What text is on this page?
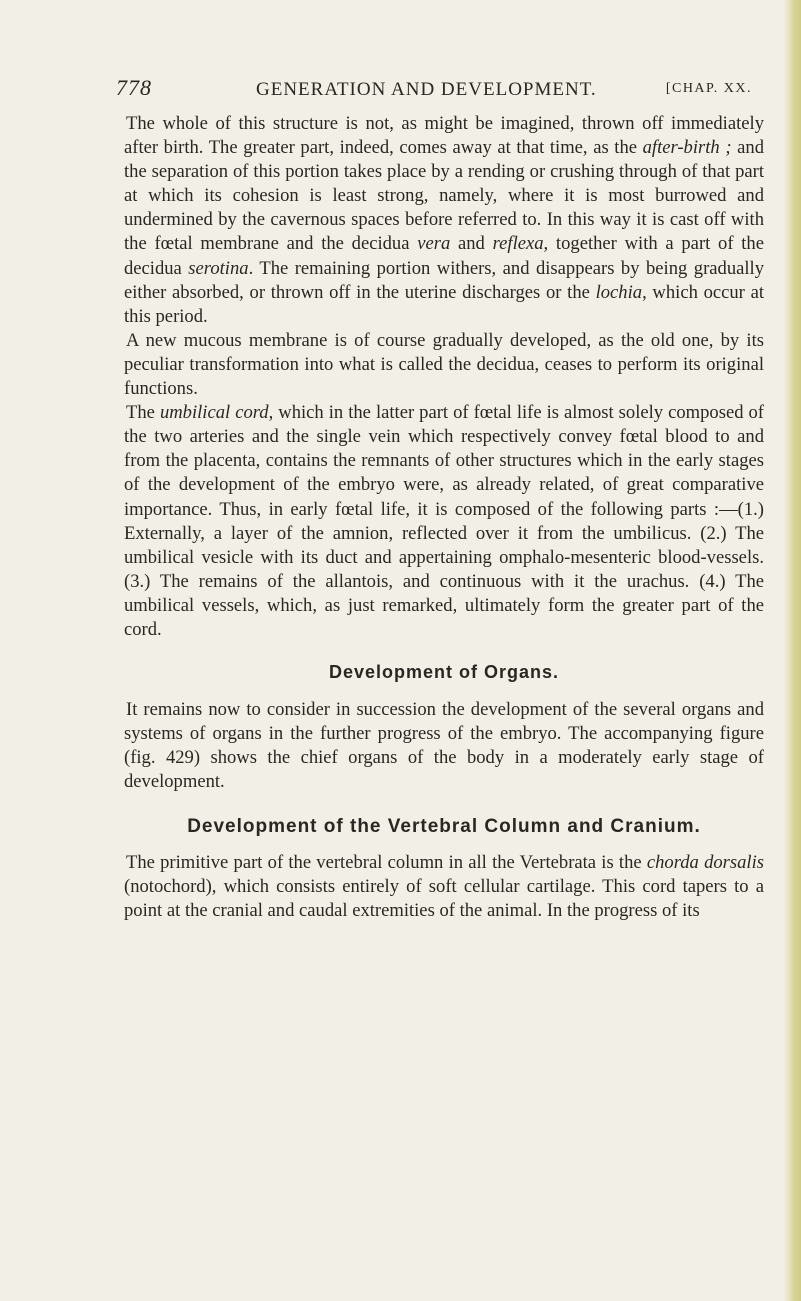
778	GENERATION AND DEVELOPMENT.	[CHAP. XX.

The whole of this structure is not, as might be imagined, thrown off immediately after birth. The greater part, indeed, comes away at that time, as the after-birth ; and the separation of this portion takes place by a rending or crushing through of that part at which its cohesion is least strong, namely, where it is most burrowed and undermined by the cavernous spaces before referred to. In this way it is cast off with the fœtal membrane and the decidua vera and reflexa, together with a part of the decidua serotina. The remaining portion withers, and disappears by being gradually either absorbed, or thrown off in the uterine discharges or the lochia, which occur at this period.

A new mucous membrane is of course gradually developed, as the old one, by its peculiar transformation into what is called the decidua, ceases to perform its original functions.

The umbilical cord, which in the latter part of fœtal life is almost solely composed of the two arteries and the single vein which respectively convey fœtal blood to and from the placenta, contains the remnants of other structures which in the early stages of the development of the embryo were, as already related, of great comparative importance. Thus, in early fœtal life, it is composed of the following parts :—(1.) Externally, a layer of the amnion, reflected over it from the umbilicus. (2.) The umbilical vesicle with its duct and appertaining omphalo-mesenteric blood-vessels. (3.) The remains of the allantois, and continuous with it the urachus. (4.) The umbilical vessels, which, as just remarked, ultimately form the greater part of the cord.

Development of Organs.

It remains now to consider in succession the development of the several organs and systems of organs in the further progress of the embryo. The accompanying figure (fig. 429) shows the chief organs of the body in a moderately early stage of development.

Development of the Vertebral Column and Cranium.

The primitive part of the vertebral column in all the Vertebrata is the chorda dorsalis (notochord), which consists entirely of soft cellular cartilage. This cord tapers to a point at the cranial and caudal extremities of the animal. In the progress of its
